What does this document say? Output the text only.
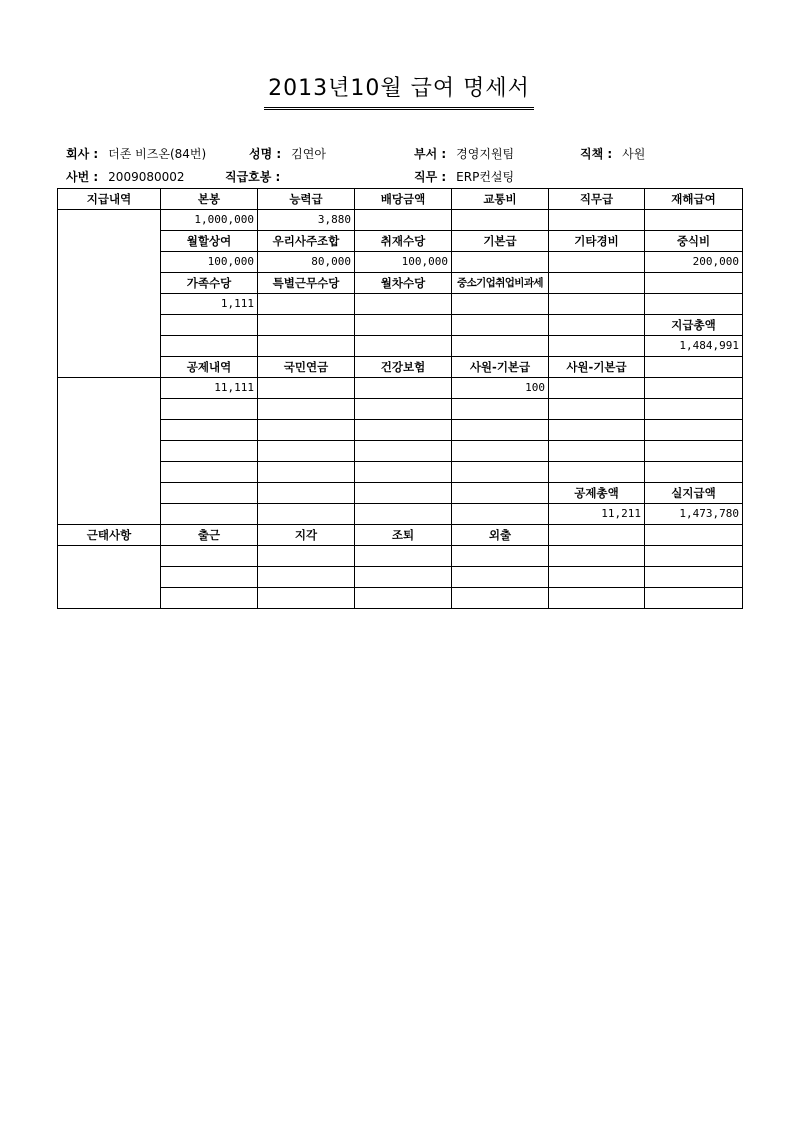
2013년10월 급여 명세서
회사 : 더존 비즈온(84번)	성명 : 김연아	부서 : 경영지원팀	직책 : 사원
사번 : 2009080002	직급호봉 :	직무 : ERP컨설팅
지급내역	본봉	능력급	배당금액	교통비	직무급	재해급여	
	1,000,000	3,880					
	월할상여	우리사주조합	취재수당	기본급	기타경비	중식비	
	100,000	80,000	100,000			200,000	
	가족수당	특별근무수당	월차수당	중소기업취업비과세			
	1,111						
						지급총액	
						1,484,991	
	공제내역	국민연금	건강보험	사원-기본급	사원-기본급		
	11,111			100			

					공제총액	실지급액	
					11,211	1,473,780	
근태사항	출근	지각	조퇴	외출			
